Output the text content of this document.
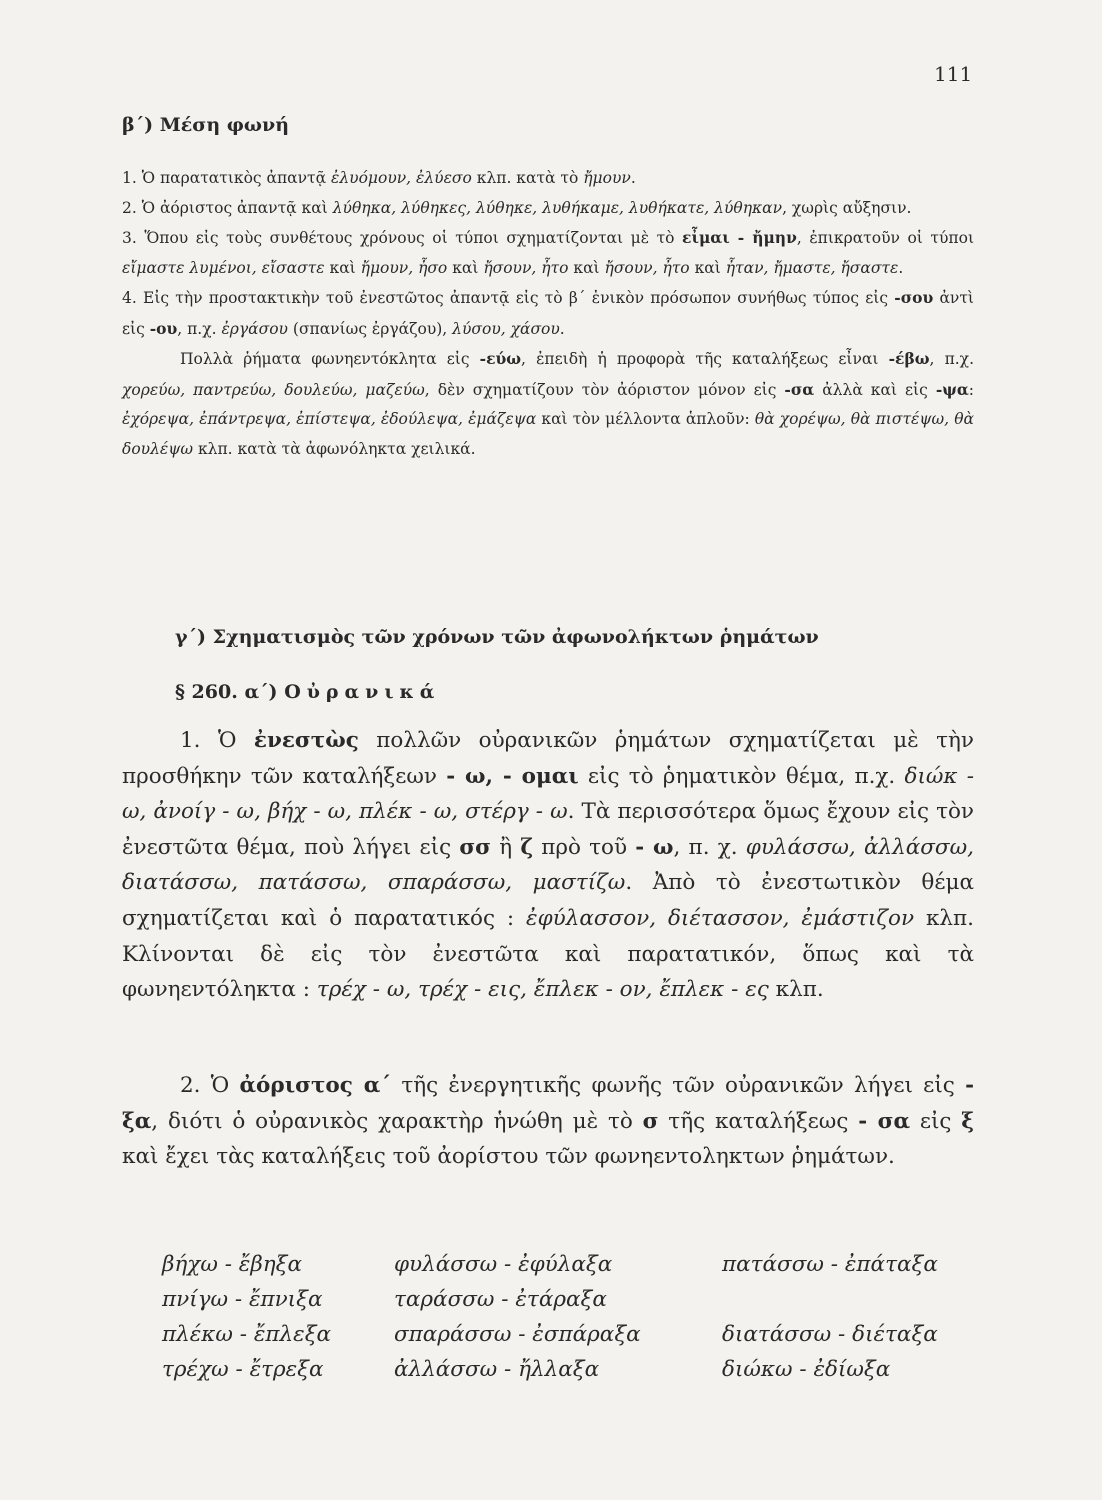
111
β΄) Μέση φωνή

1. Ὁ παρατατικὸς ἀπαντᾷ ἐλυόμουν, ἐλύεσο κλπ. κατὰ τὸ ἤμουν.

2. Ὁ ἀόριστος ἀπαντᾷ καὶ λύθηκα, λύθηκες, λύθηκε, λυθήκαμε, λυθήκατε, λύθηκαν, χωρὶς αὔξησιν.

3. Ὅπου εἰς τοὺς συνθέτους χρόνους οἱ τύποι σχηματίζονται μὲ τὸ εἶμαι - ἤμην, ἐπικρατοῦν οἱ τύποι εἴμαστε λυμένοι, εἴσαστε καὶ ἤμουν, ἦσο καὶ ἤσουν, ἦτο καὶ ἤσουν, ἦτο καὶ ἦταν, ἤμαστε, ἤσαστε.

4. Εἰς τὴν προστακτικὴν τοῦ ἐνεστῶτος ἀπαντᾷ εἰς τὸ β΄ ἑνικὸν πρόσωπον συνήθως τύπος εἰς -σου ἀντὶ εἰς -ου, π.χ. ἐργάσου (σπανίως ἐργάζου), λύσου, χάσου.

Πολλὰ ῥήματα φωνηεντόκλητα εἰς -εύω, ἐπειδὴ ἡ προφορὰ τῆς καταλήξεως εἶναι -έβω, π.χ. χορεύω, παντρεύω, δουλεύω, μαζεύω, δὲν σχηματίζουν τὸν ἀόριστον μόνον εἰς -σα ἀλλὰ καὶ εἰς -ψα: ἐχόρεψα, ἐπάντρεψα, ἐπίστεψα, ἐδούλεψα, ἐμάζεψα καὶ τὸν μέλλοντα ἁπλοῦν: θὰ χορέψω, θὰ πιστέψω, θὰ δουλέψω κλπ. κατὰ τὰ ἀφωνόληκτα χειλικά.

γ΄) Σχηματισμὸς τῶν χρόνων τῶν ἀφωνολήκτων ῥημάτων
§ 260. α΄) Οὐρανικά

1. Ὁ ἐνεστὼς πολλῶν οὐρανικῶν ῥημάτων σχηματίζεται μὲ τὴν προσθήκην τῶν καταλήξεων - ω, - ομαι εἰς τὸ ῥηματικὸν θέμα, π.χ. διώκ - ω, ἀνοίγ - ω, βήχ - ω, πλέκ - ω, στέργ - ω. Τὰ περισσότερα ὅμως ἔχουν εἰς τὸν ἐνεστῶτα θέμα, ποὺ λήγει εἰς σσ ἢ ζ πρὸ τοῦ - ω, π. χ. φυλάσσω, ἀλλάσσω, διατάσσω, πατάσσω, σπαράσσω, μαστίζω. Ἀπὸ τὸ ἐνεστωτικὸν θέμα σχηματίζεται καὶ ὁ παρατατικός : ἐφύλασσον, διέτασσον, ἐμάστιζον κλπ. Κλίνονται δὲ εἰς τὸν ἐνεστῶτα καὶ παρατατικόν, ὅπως καὶ τὰ φωνηεντόληκτα : τρέχ - ω, τρέχ - εις, ἔπλεκ - ον, ἔπλεκ - ες κλπ.

2. Ὁ ἀόριστος α΄ τῆς ἐνεργητικῆς φωνῆς τῶν οὐρανικῶν λήγει εἰς - ξα, διότι ὁ οὐρανικὸς χαρακτὴρ ἡνώθη μὲ τὸ σ τῆς καταλήξεως - σα εἰς ξ καὶ ἔχει τὰς καταλήξεις τοῦ ἀορίστου τῶν φωνηεντοληκτων ῥημάτων.

βήχω - ἔβηξα	φυλάσσω - ἐφύλαξα	πατάσσω - ἐπάταξα
πνίγω - ἔπνιξα	ταράσσω - ἐτάραξα
πλέκω - ἔπλεξα	σπαράσσω - ἐσπάραξα	διατάσσω - διέταξα
τρέχω - ἔτρεξα	ἀλλάσσω - ἤλλαξα	διώκω - ἐδίωξα
